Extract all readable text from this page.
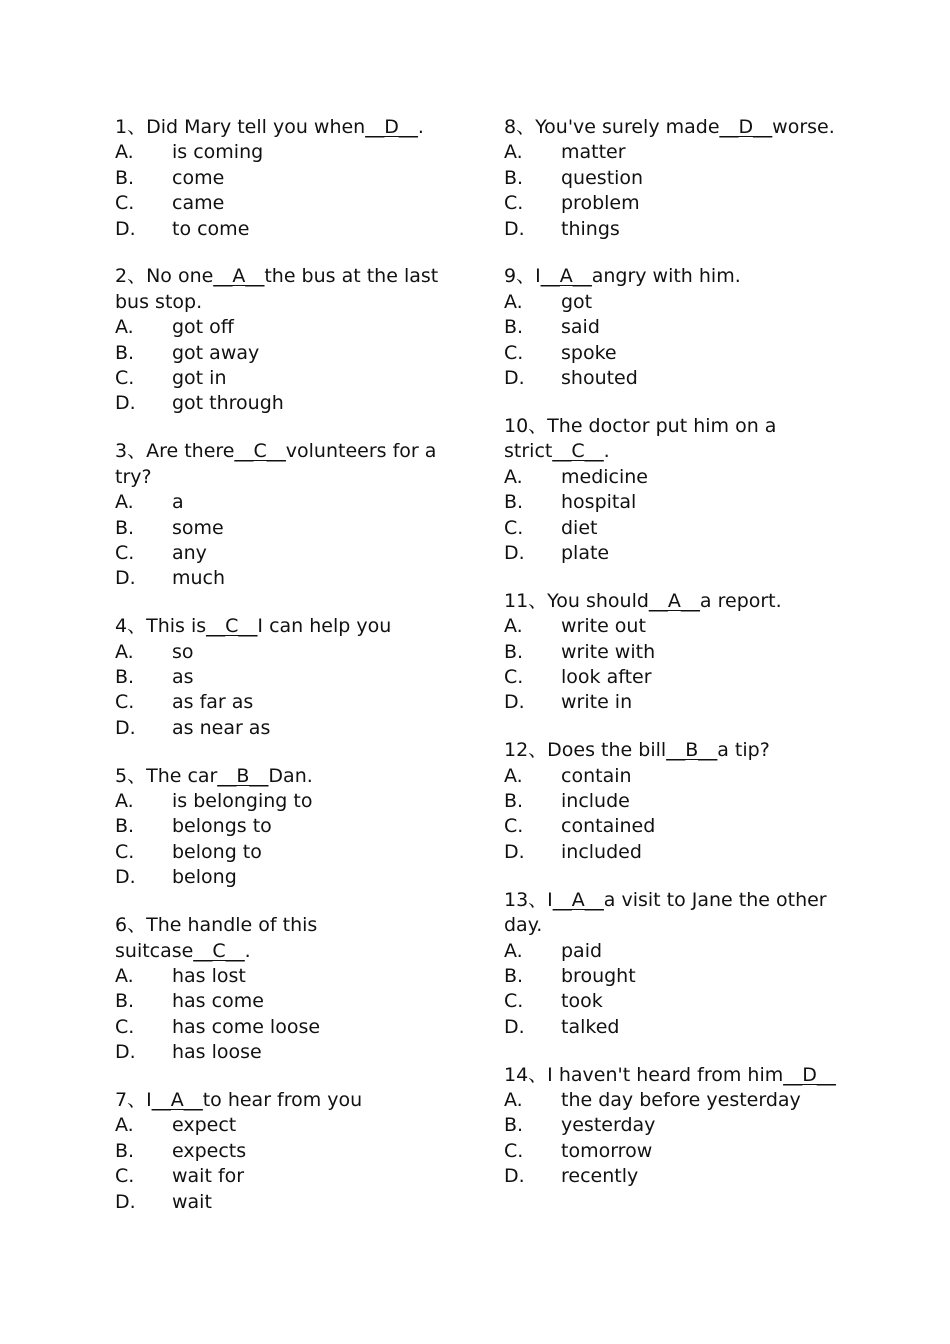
1、Did Mary tell you when__D__.
A. is coming
B. come
C. came
D. to come
2、No one__A__the bus at the last bus stop.
A. got off
B. got away
C. got in
D. got through
3、Are there__C__volunteers for a try?
A. a
B. some
C. any
D. much
4、This is__C__I can help you
A. so
B. as
C. as far as
D. as near as
5、The car__B__Dan.
A. is belonging to
B. belongs to
C. belong to
D. belong
6、The handle of this suitcase__C__.
A. has lost
B. has come
C. has come loose
D. has loose
7、I__A__to hear from you
A. expect
B. expects
C. wait for
D. wait
8、You've surely made__D__worse.
A. matter
B. question
C. problem
D. things
9、I__A__angry with him.
A. got
B. said
C. spoke
D. shouted
10、The doctor put him on a strict__C__.
A. medicine
B. hospital
C. diet
D. plate
11、You should__A__a report.
A. write out
B. write with
C. look after
D. write in
12、Does the bill__B__a tip?
A. contain
B. include
C. contained
D. included
13、I__A__a visit to Jane the other day.
A. paid
B. brought
C. took
D. talked
14、I haven't heard from him__D__
A. the day before yesterday
B. yesterday
C. tomorrow
D. recently
